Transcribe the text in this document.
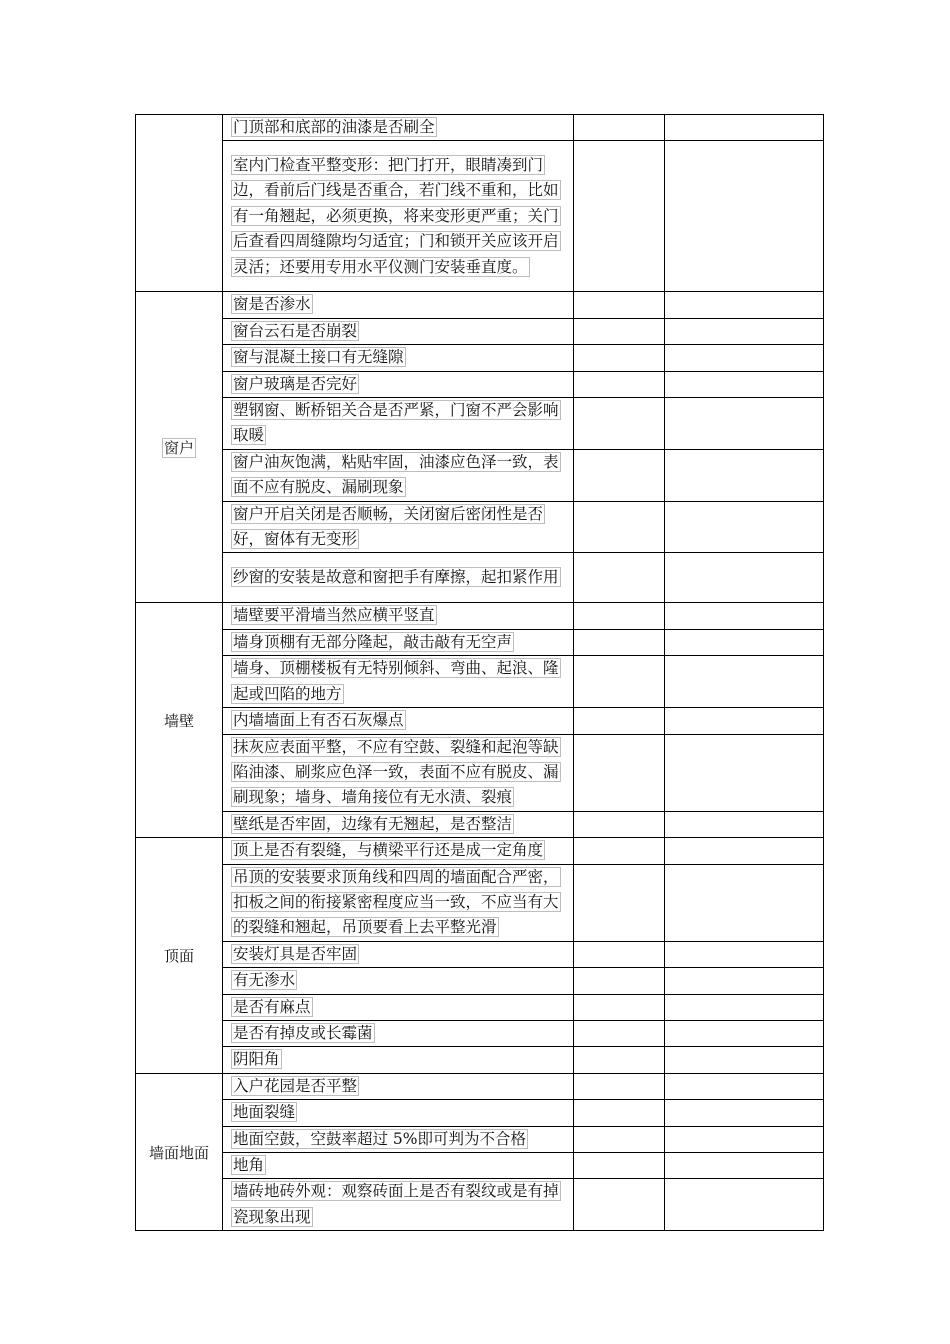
	门顶部和底部的油漆是否刷全		
	室内门检查平整变形：把门打开，眼睛凑到门边，看前后门线是否重合，若门线不重和，比如有一角翘起，必须更换，将来变形更严重；关门后查看四周缝隙均匀适宜；门和锁开关应该开启灵活；还要用专用水平仪测门安装垂直度。		
窗户	窗是否渗水		
	窗台云石是否崩裂		
	窗与混凝土接口有无缝隙		
	窗户玻璃是否完好		
	塑钢窗、断桥铝关合是否严紧，门窗不严会影响取暖		
	窗户油灰饱满，粘贴牢固，油漆应色泽一致，表面不应有脱皮、漏刷现象		
	窗户开启关闭是否顺畅，关闭窗后密闭性是否好，窗体有无变形		
	纱窗的安装是故意和窗把手有摩擦，起扣紧作用		
墙壁	墙壁要平滑墙当然应横平竖直		
	墙身顶棚有无部分隆起，敲击敲有无空声		
	墙身、顶棚楼板有无特别倾斜、弯曲、起浪、隆起或凹陷的地方		
	内墙墙面上有否石灰爆点		
	抹灰应表面平整，不应有空鼓、裂缝和起泡等缺陷油漆、刷浆应色泽一致，表面不应有脱皮、漏刷现象；墙身、墙角接位有无水渍、裂痕		
	壁纸是否牢固，边缘有无翘起，是否整洁		
顶面	顶上是否有裂缝，与横梁平行还是成一定角度		
	吊顶的安装要求顶角线和四周的墙面配合严密，扣板之间的衔接紧密程度应当一致，不应当有大的裂缝和翘起，吊顶要看上去平整光滑		
	安装灯具是否牢固		
	有无渗水		
	是否有麻点		
	是否有掉皮或长霉菌		
	阴阳角		
墙面地面	入户花园是否平整		
	地面裂缝		
	地面空鼓，空鼓率超过 5%即可判为不合格		
	地角		
	墙砖地砖外观：观察砖面上是否有裂纹或是有掉瓷现象出现		
